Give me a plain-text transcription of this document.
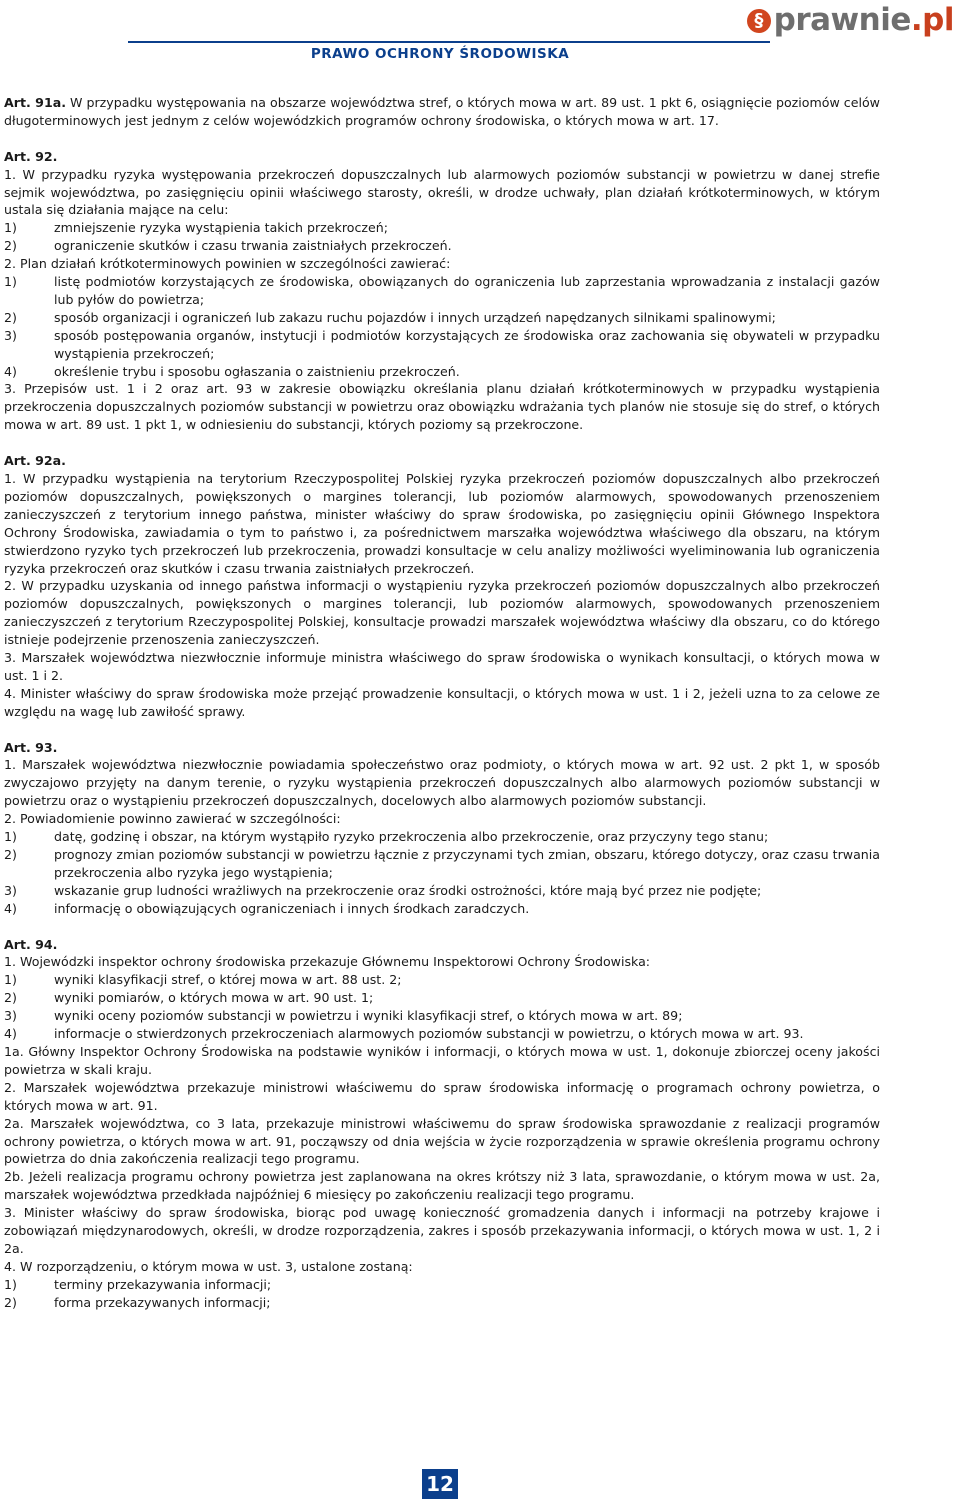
§ prawnie.pl
PRAWO OCHRONY ŚRODOWISKA

Art. 91a. W przypadku występowania na obszarze województwa stref, o których mowa w art. 89 ust. 1 pkt 6, osiągnięcie poziomów celów długoterminowych jest jednym z celów wojewódzkich programów ochrony środowiska, o których mowa w art. 17.

Art. 92.

1. W przypadku ryzyka występowania przekroczeń dopuszczalnych lub alarmowych poziomów substancji w powietrzu w danej strefie sejmik województwa, po zasięgnięciu opinii właściwego starosty, określi, w drodze uchwały, plan działań krótkoterminowych, w którym ustala się działania mające na celu:

1)	zmniejszenie ryzyka wystąpienia takich przekroczeń;

2)	ograniczenie skutków i czasu trwania zaistniałych przekroczeń.

2. Plan działań krótkoterminowych powinien w szczególności zawierać:

1)	listę podmiotów korzystających ze środowiska, obowiązanych do ograniczenia lub zaprzestania wprowadzania z instalacji gazów lub pyłów do powietrza;

2)	sposób organizacji i ograniczeń lub zakazu ruchu pojazdów i innych urządzeń napędzanych silnikami spalinowymi;

3)	sposób postępowania organów, instytucji i podmiotów korzystających ze środowiska oraz zachowania się obywateli w przypadku wystąpienia przekroczeń;

4)	określenie trybu i sposobu ogłaszania o zaistnieniu przekroczeń.

3. Przepisów ust. 1 i 2 oraz art. 93 w zakresie obowiązku określania planu działań krótkoterminowych w przypadku wystąpienia przekroczenia dopuszczalnych poziomów substancji w powietrzu oraz obowiązku wdrażania tych planów nie stosuje się do stref, o których mowa w art. 89 ust. 1 pkt 1, w odniesieniu do substancji, których poziomy są przekroczone.

Art. 92a.

1. W przypadku wystąpienia na terytorium Rzeczypospolitej Polskiej ryzyka przekroczeń poziomów dopuszczalnych albo przekroczeń poziomów dopuszczalnych, powiększonych o margines tolerancji, lub poziomów alarmowych, spowodowanych przenoszeniem zanieczyszczeń z terytorium innego państwa, minister właściwy do spraw środowiska, po zasięgnięciu opinii Głównego Inspektora Ochrony Środowiska, zawiadamia o tym to państwo i, za pośrednictwem marszałka województwa właściwego dla obszaru, na którym stwierdzono ryzyko tych przekroczeń lub przekroczenia, prowadzi konsultacje w celu analizy możliwości wyeliminowania lub ograniczenia ryzyka przekroczeń oraz skutków i czasu trwania zaistniałych przekroczeń.

2. W przypadku uzyskania od innego państwa informacji o wystąpieniu ryzyka przekroczeń poziomów dopuszczalnych albo przekroczeń poziomów dopuszczalnych, powiększonych o margines tolerancji, lub poziomów alarmowych, spowodowanych przenoszeniem zanieczyszczeń z terytorium Rzeczypospolitej Polskiej, konsultacje prowadzi marszałek województwa właściwy dla obszaru, co do którego istnieje podejrzenie przenoszenia zanieczyszczeń.

3. Marszałek województwa niezwłocznie informuje ministra właściwego do spraw środowiska o wynikach konsultacji, o których mowa w ust. 1 i 2.

4. Minister właściwy do spraw środowiska może przejąć prowadzenie konsultacji, o których mowa w ust. 1 i 2, jeżeli uzna to za celowe ze względu na wagę lub zawiłość sprawy.

Art. 93.

1. Marszałek województwa niezwłocznie powiadamia społeczeństwo oraz podmioty, o których mowa w art. 92 ust. 2 pkt 1, w sposób zwyczajowo przyjęty na danym terenie, o ryzyku wystąpienia przekroczeń dopuszczalnych albo alarmowych poziomów substancji w powietrzu oraz o wystąpieniu przekroczeń dopuszczalnych, docelowych albo alarmowych poziomów substancji.

2. Powiadomienie powinno zawierać w szczególności:

1)	datę, godzinę i obszar, na którym wystąpiło ryzyko przekroczenia albo przekroczenie, oraz przyczyny tego stanu;

2)	prognozy zmian poziomów substancji w powietrzu łącznie z przyczynami tych zmian, obszaru, którego dotyczy, oraz czasu trwania przekroczenia albo ryzyka jego wystąpienia;

3)	wskazanie grup ludności wrażliwych na przekroczenie oraz środki ostrożności, które mają być przez nie podjęte;

4)	informację o obowiązujących ograniczeniach i innych środkach zaradczych.

Art. 94.

1. Wojewódzki inspektor ochrony środowiska przekazuje Głównemu Inspektorowi Ochrony Środowiska:

1)	wyniki klasyfikacji stref, o której mowa w art. 88 ust. 2;

2)	wyniki pomiarów, o których mowa w art. 90 ust. 1;

3)	wyniki oceny poziomów substancji w powietrzu i wyniki klasyfikacji stref, o których mowa w art. 89;

4)	informacje o stwierdzonych przekroczeniach alarmowych poziomów substancji w powietrzu, o których mowa w art. 93.

1a. Główny Inspektor Ochrony Środowiska na podstawie wyników i informacji, o których mowa w ust. 1, dokonuje zbiorczej oceny jakości powietrza w skali kraju.

2. Marszałek województwa przekazuje ministrowi właściwemu do spraw środowiska informację o programach ochrony powietrza, o których mowa w art. 91.

2a. Marszałek województwa, co 3 lata, przekazuje ministrowi właściwemu do spraw środowiska sprawozdanie z realizacji programów ochrony powietrza, o których mowa w art. 91, począwszy od dnia wejścia w życie rozporządzenia w sprawie określenia programu ochrony powietrza do dnia zakończenia realizacji tego programu.

2b. Jeżeli realizacja programu ochrony powietrza jest zaplanowana na okres krótszy niż 3 lata, sprawozdanie, o którym mowa w ust. 2a, marszałek województwa przedkłada najpóźniej 6 miesięcy po zakończeniu realizacji tego programu.

3. Minister właściwy do spraw środowiska, biorąc pod uwagę konieczność gromadzenia danych i informacji na potrzeby krajowe i zobowiązań międzynarodowych, określi, w drodze rozporządzenia, zakres i sposób przekazywania informacji, o których mowa w ust. 1, 2 i 2a.

4. W rozporządzeniu, o którym mowa w ust. 3, ustalone zostaną:

1)	terminy przekazywania informacji;

2)	forma przekazywanych informacji;

12
